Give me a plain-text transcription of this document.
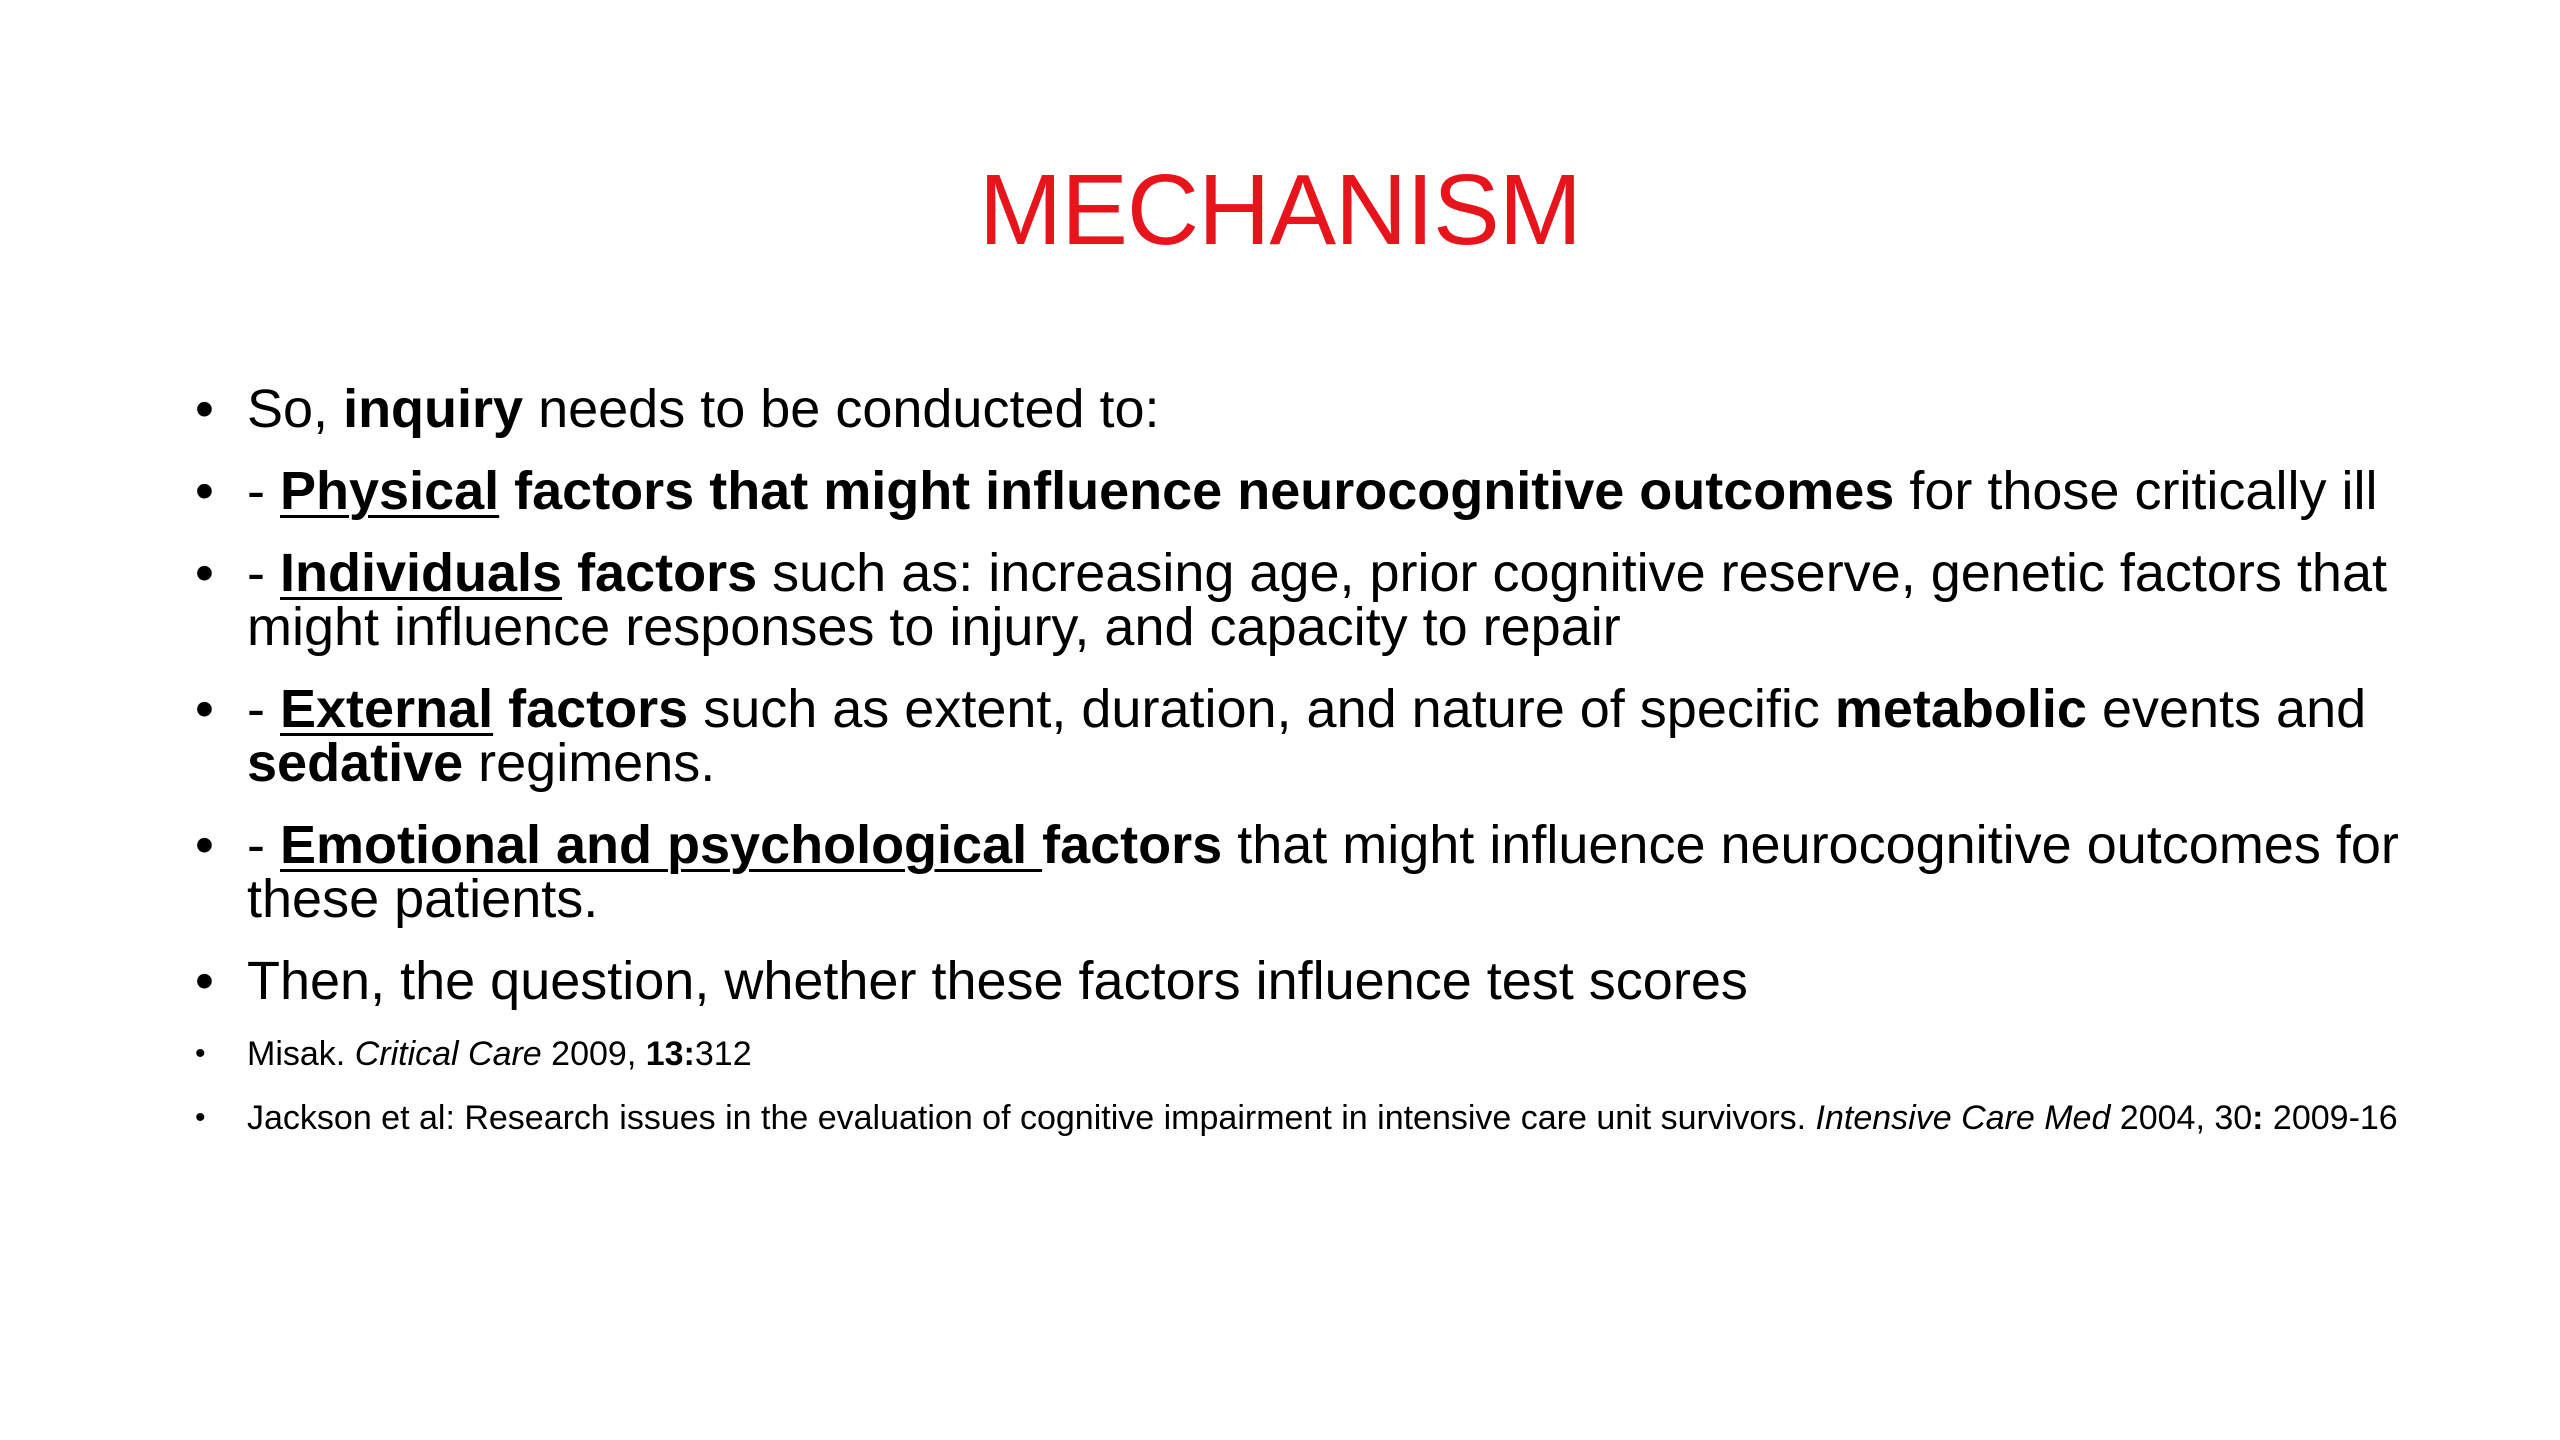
MECHANISM
• So, inquiry needs to be conducted to:
• - Physical factors that might influence neurocognitive outcomes for those critically ill
• - Individuals factors such as: increasing age, prior cognitive reserve, genetic factors that might influence responses to injury, and capacity to repair
• - External factors such as extent, duration, and nature of specific metabolic events and sedative regimens.
• - Emotional and psychological factors that might influence neurocognitive outcomes for these patients.
• Then, the question, whether these factors influence test scores
• Misak. Critical Care 2009, 13:312
• Jackson et al: Research issues in the evaluation of cognitive impairment in intensive care unit survivors. Intensive Care Med 2004, 30: 2009-16
